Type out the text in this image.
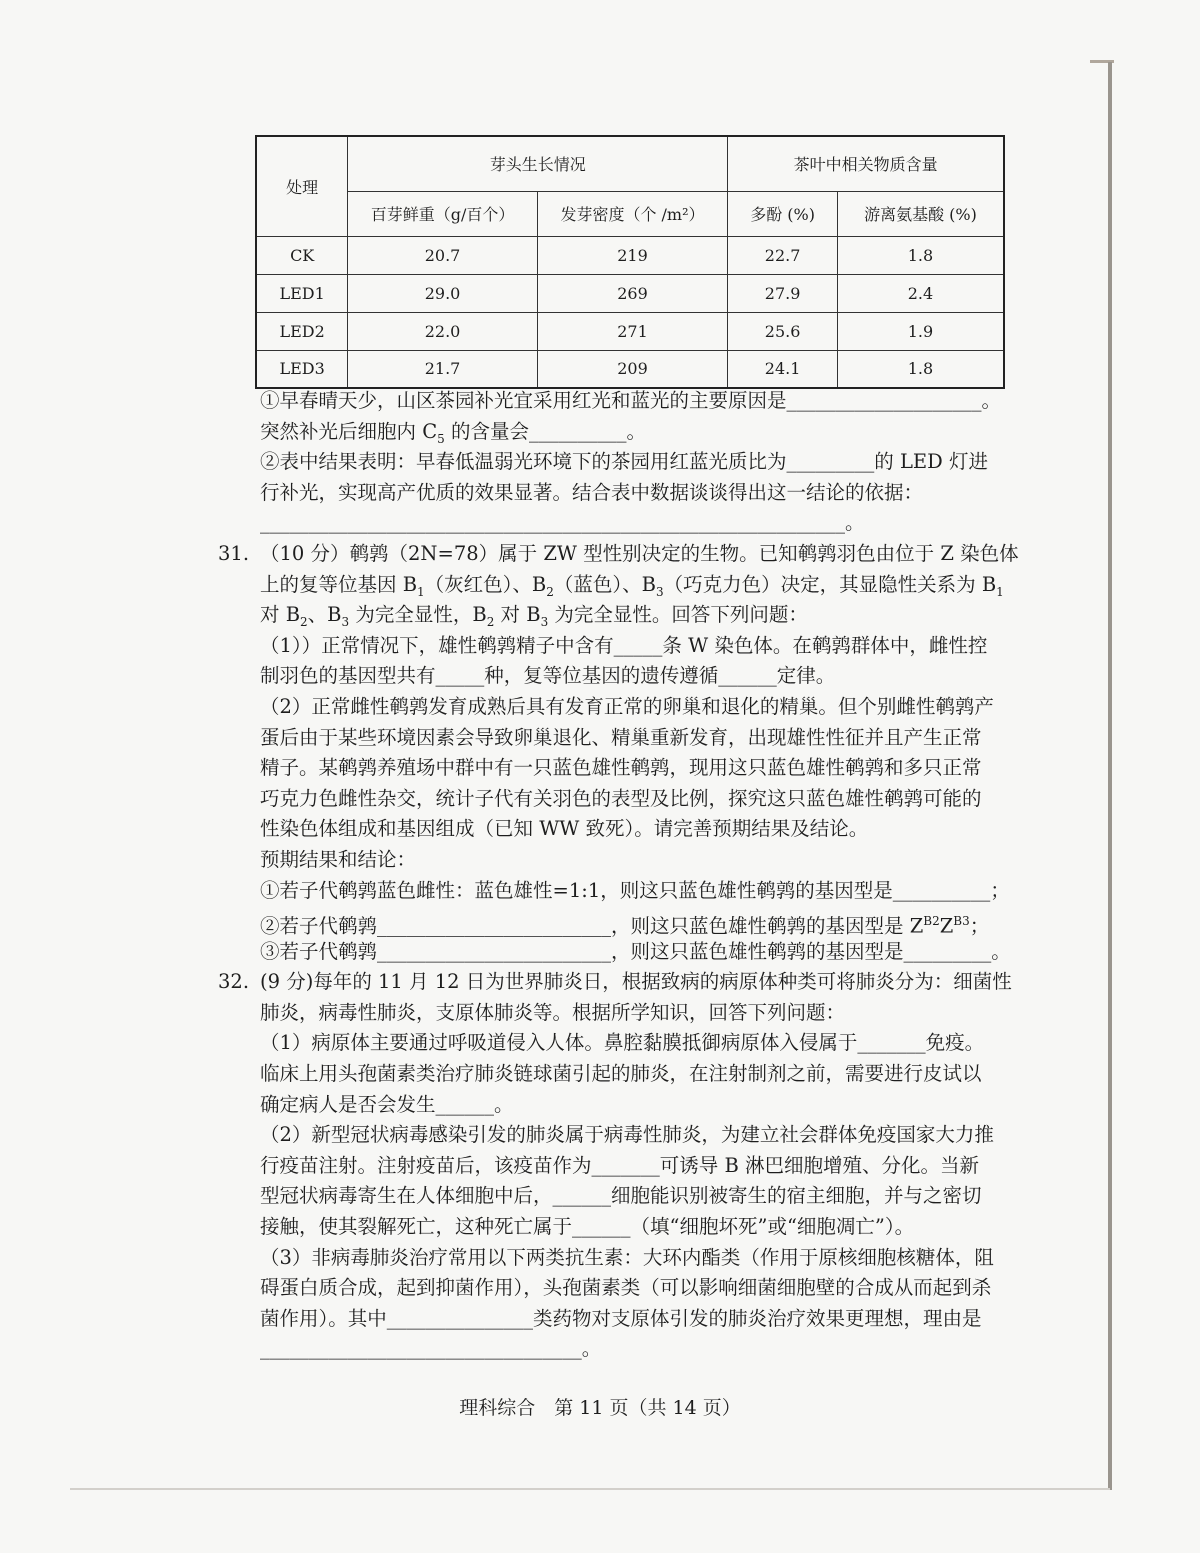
处理	芽头生长情况		茶叶中相关物质含量	
	百芽鲜重（g/百个）	发芽密度（个 /m²）	多酚 (%)	游离氨基酸 (%)
CK	20.7	219	22.7	1.8
LED1	29.0	269	27.9	2.4
LED2	22.0	271	25.6	1.9
LED3	21.7	209	24.1	1.8
①早春晴天少，山区茶园补光宜采用红光和蓝光的主要原因是____________________。
突然补光后细胞内 $C_5$ 的含量会__________。
②表中结果表明：早春低温弱光环境下的茶园用红蓝光质比为_________的 LED 灯进
行补光，实现高产优质的效果显著。结合表中数据谈谈得出这一结论的依据：
____________________________________________________________。
31. （10 分）鹌鹑（2N=78）属于 ZW 型性别决定的生物。已知鹌鹑羽色由位于 Z 染色体
上的复等位基因 $B_1$（灰红色）、$B_2$（蓝色）、$B_3$（巧克力色）决定，其显隐性关系为 $B_1$
对 $B_2$、$B_3$ 为完全显性，$B_2$ 对 $B_3$ 为完全显性。回答下列问题：
（1））正常情况下，雄性鹌鹑精子中含有_____条 W 染色体。在鹌鹑群体中，雌性控
制羽色的基因型共有_____种，复等位基因的遗传遵循______定律。
（2）正常雌性鹌鹑发育成熟后具有发育正常的卵巢和退化的精巢。但个别雌性鹌鹑产
蛋后由于某些环境因素会导致卵巢退化、精巢重新发育，出现雄性性征并且产生正常
精子。某鹌鹑养殖场中群中有一只蓝色雄性鹌鹑，现用这只蓝色雄性鹌鹑和多只正常
巧克力色雌性杂交，统计子代有关羽色的表型及比例，探究这只蓝色雄性鹌鹑可能的
性染色体组成和基因组成（已知 WW 致死）。请完善预期结果及结论。
预期结果和结论：
①若子代鹌鹑蓝色雌性：蓝色雄性=1:1，则这只蓝色雄性鹌鹑的基因型是__________；
②若子代鹌鹑________________________，则这只蓝色雄性鹌鹑的基因型是 $Z^{B2}Z^{B3}$；
③若子代鹌鹑________________________，则这只蓝色雄性鹌鹑的基因型是_________。
32. (9 分)每年的 11 月 12 日为世界肺炎日，根据致病的病原体种类可将肺炎分为：细菌性
肺炎，病毒性肺炎，支原体肺炎等。根据所学知识，回答下列问题：
（1）病原体主要通过呼吸道侵入人体。鼻腔黏膜抵御病原体入侵属于_______免疫。
临床上用头孢菌素类治疗肺炎链球菌引起的肺炎，在注射制剂之前，需要进行皮试以
确定病人是否会发生______。
（2）新型冠状病毒感染引发的肺炎属于病毒性肺炎，为建立社会群体免疫国家大力推
行疫苗注射。注射疫苗后，该疫苗作为_______可诱导 B 淋巴细胞增殖、分化。当新
型冠状病毒寄生在人体细胞中后，______细胞能识别被寄生的宿主细胞，并与之密切
接触，使其裂解死亡，这种死亡属于______（填“细胞坏死”或“细胞凋亡”）。
（3）非病毒肺炎治疗常用以下两类抗生素：大环内酯类（作用于原核细胞核糖体，阻
碍蛋白质合成，起到抑菌作用），头孢菌素类（可以影响细菌细胞壁的合成从而起到杀
菌作用）。其中_______________类药物对支原体引发的肺炎治疗效果更理想，理由是
_________________________________。
理科综合　第 11 页（共 14 页）
